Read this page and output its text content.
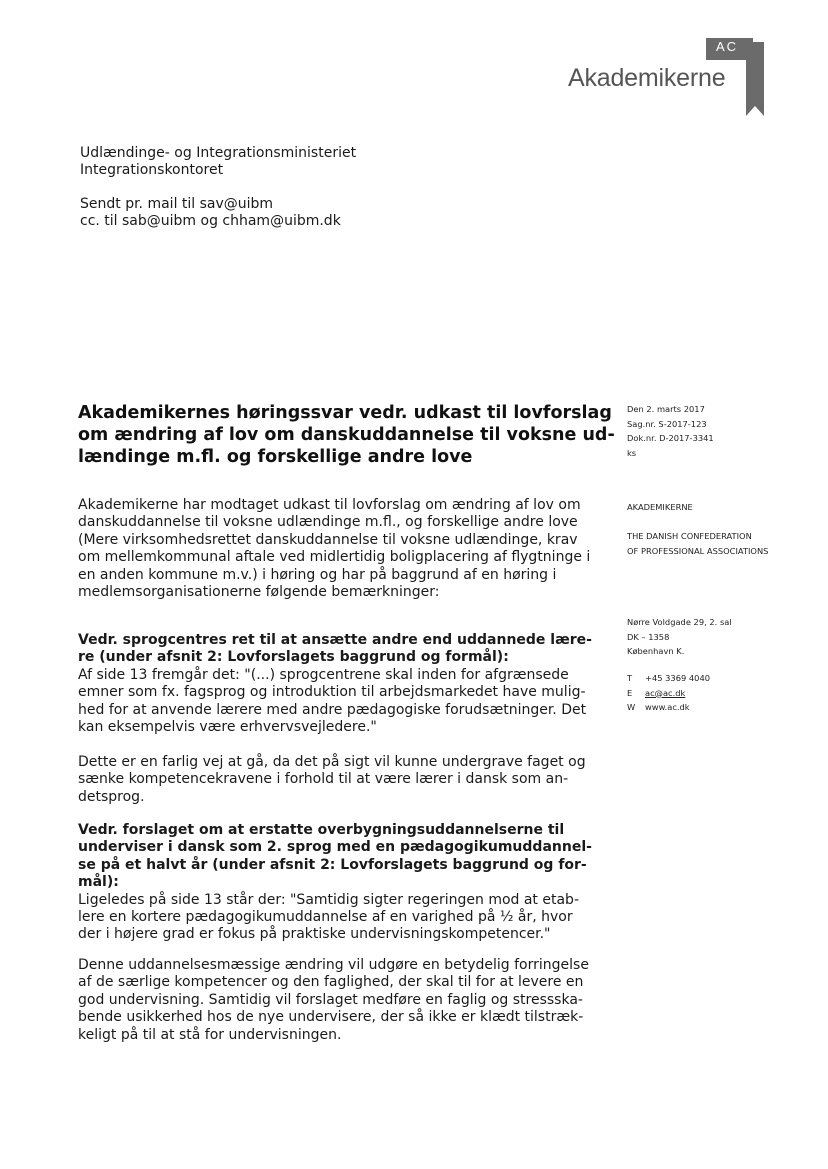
AC
Akademikerne
Udlændinge- og Integrationsministeriet
Integrationskontoret
Sendt pr. mail til sav@uibm
cc. til sab@uibm og chham@uibm.dk
Akademikernes høringssvar vedr. udkast til lovforslag
om ændring af lov om danskuddannelse til voksne ud-
lændinge m.fl. og forskellige andre love
Den 2. marts 2017
Sag.nr. S-2017-123
Dok.nr. D-2017-3341
ks
AKADEMIKERNE
THE DANISH CONFEDERATION
OF PROFESSIONAL ASSOCIATIONS
Nørre Voldgade 29, 2. sal
DK – 1358
København K.
T +45 3369 4040
E ac@ac.dk
W www.ac.dk
Akademikerne har modtaget udkast til lovforslag om ændring af lov om
danskuddannelse til voksne udlændinge m.fl., og forskellige andre love
(Mere virksomhedsrettet danskuddannelse til voksne udlændinge, krav
om mellemkommunal aftale ved midlertidig boligplacering af flygtninge i
en anden kommune m.v.) i høring og har på baggrund af en høring i
medlemsorganisationerne følgende bemærkninger:
Vedr. sprogcentres ret til at ansætte andre end uddannede lære-
re (under afsnit 2: Lovforslagets baggrund og formål):
Af side 13 fremgår det: "(...) sprogcentrene skal inden for afgrænsede
emner som fx. fagsprog og introduktion til arbejdsmarkedet have mulig-
hed for at anvende lærere med andre pædagogiske forudsætninger. Det
kan eksempelvis være erhvervsvejledere."
Dette er en farlig vej at gå, da det på sigt vil kunne undergrave faget og
sænke kompetencekravene i forhold til at være lærer i dansk som an-
detsprog.
Vedr. forslaget om at erstatte overbygningsuddannelserne til
underviser i dansk som 2. sprog med en pædagogikumuddannel-
se på et halvt år (under afsnit 2: Lovforslagets baggrund og for-
mål):
Ligeledes på side 13 står der: "Samtidig sigter regeringen mod at etab-
lere en kortere pædagogikumuddannelse af en varighed på ½ år, hvor
der i højere grad er fokus på praktiske undervisningskompetencer."
Denne uddannelsesmæssige ændring vil udgøre en betydelig forringelse
af de særlige kompetencer og den faglighed, der skal til for at levere en
god undervisning. Samtidig vil forslaget medføre en faglig og stressska-
bende usikkerhed hos de nye undervisere, der så ikke er klædt tilstræk-
keligt på til at stå for undervisningen.
